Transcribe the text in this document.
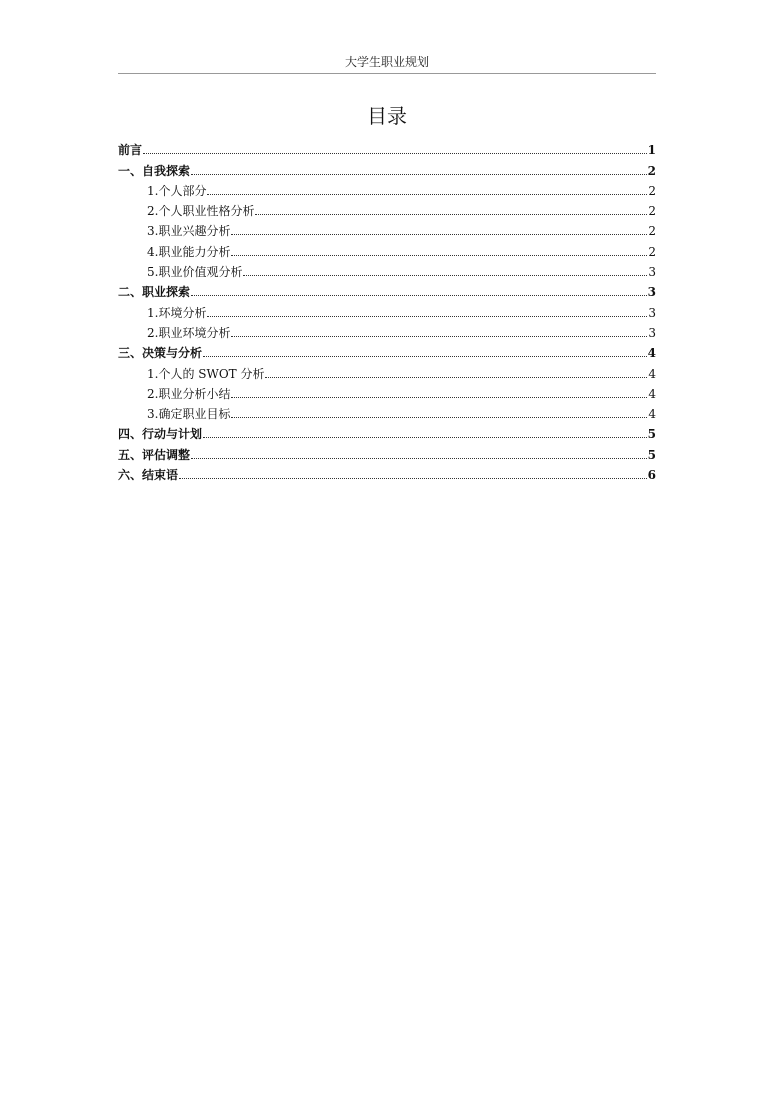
大学生职业规划
目录
前言	1
一、自我探索	2
1.个人部分	2
2.个人职业性格分析	2
3.职业兴趣分析	2
4.职业能力分析	2
5.职业价值观分析	3
二、职业探索	3
1.环境分析	3
2.职业环境分析	3
三、决策与分析	4
1.个人的 SWOT 分析	4
2.职业分析小结	4
3.确定职业目标	4
四、行动与计划	5
五、评估调整	5
六、结束语	6
